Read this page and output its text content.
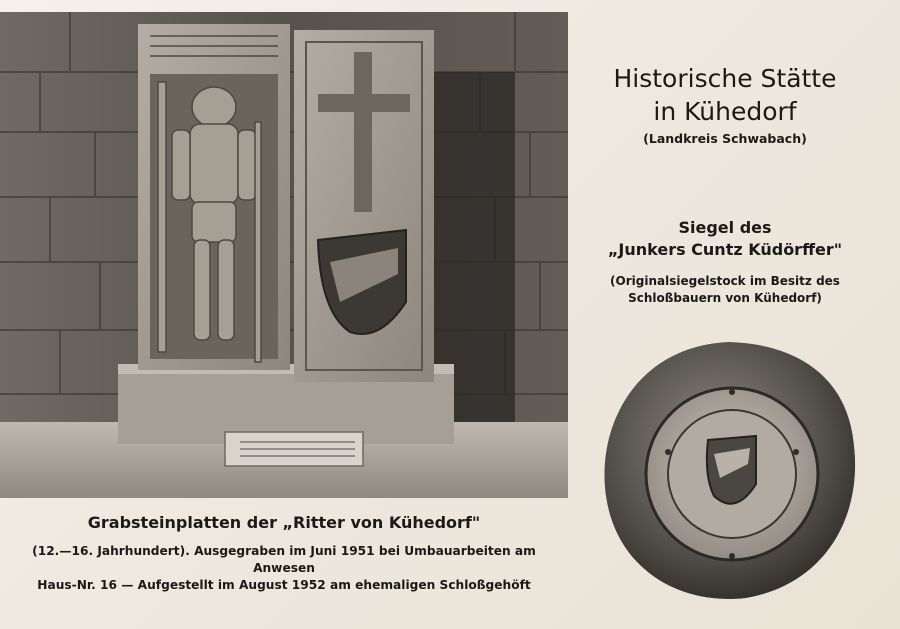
Historische Stätte
in Kühedorf
(Landkreis Schwabach)
Siegel des
„Junkers Cuntz Küdörffer"
(Originalsiegelstock im Besitz des
Schloßbauern von Kühedorf)
Grabsteinplatten der „Ritter von Kühedorf"
(12.—16. Jahrhundert). Ausgegraben im Juni 1951 bei Umbauarbeiten am Anwesen
Haus-Nr. 16 — Aufgestellt im August 1952 am ehemaligen Schloßgehöft
